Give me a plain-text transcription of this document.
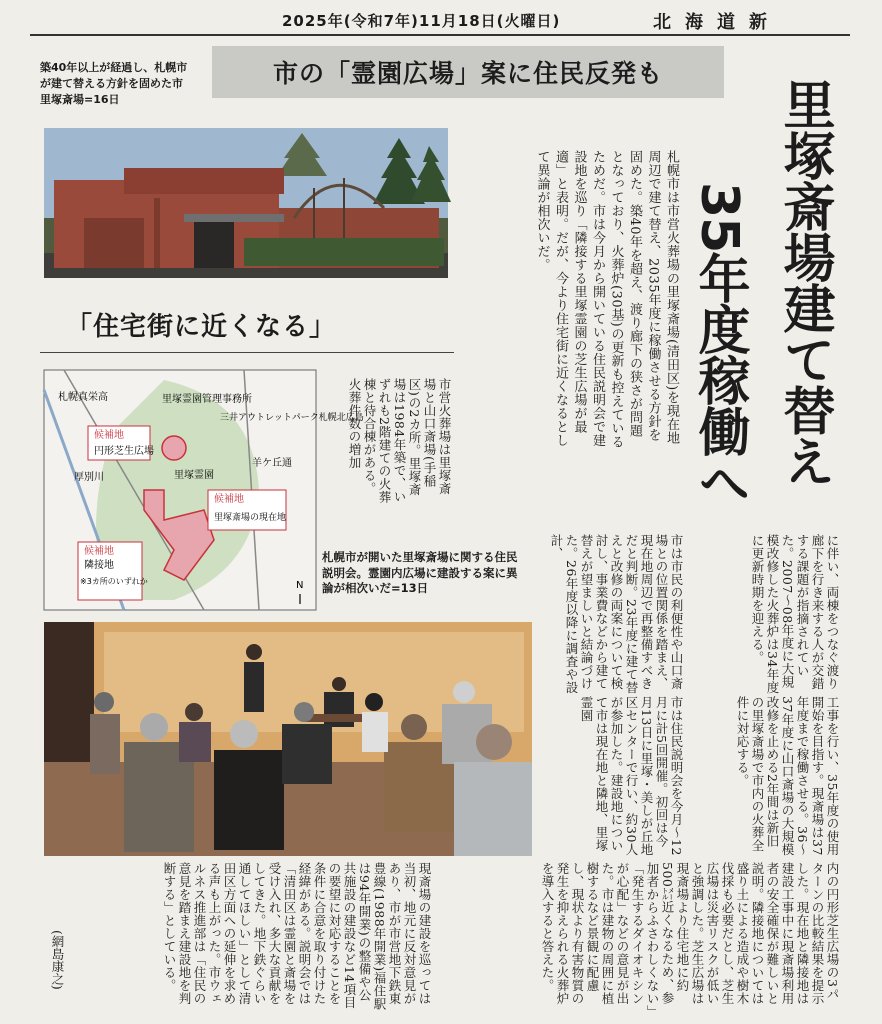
2025年(令和7年)11月18日(火曜日)	北海道新
市の「霊園広場」案に住民反発も
里塚斎場建て替え
35年度稼働へ
築40年以上が経過し、札幌市が建て替える方針を固めた市里塚斎場=16日
札幌市は市営火葬場の里塚斎場(清田区)を現在地周辺で建て替え、2035年度に稼働させる方針を固めた。築40年を超え、渡り廊下の狭さが問題となっており、火葬炉(30基)の更新も控えているためだ。市は今月から開いている住民説明会で建設地を巡り「隣接する里塚霊園の芝生広場が最適」と表明。だが、今より住宅街に近くなるとして異論が相次いだ。
「住宅街に近くなる」
札幌真栄高	里塚霊園管理事務所
三井アウトレットパーク札幌北広島
里塚霊園
厚別川
羊ケ丘通
候補地
円形芝生広場
候補地
里塚斎場の現在地
候補地
隣接地
※3カ所のいずれか	N
市営火葬場は里塚斎場と山口斎場(手稲区)の2カ所。里塚斎場は1984年築で、いずれも2階建ての火葬棟と待合棟がある。火葬件数の増加
札幌市が開いた里塚斎場に関する住民説明会。霊園内広場に建設する案に異論が相次いだ=13日	に伴い、両棟をつなぐ渡り廊下を行き来する人が交錯する課題が指摘されていた。2007〜08年度に大規模改修した火葬炉は34年度に更新時期を迎える。
市は市民の利便性や山口斎場との位置関係を踏まえ、現在地周辺で再整備すべきだと判断。23年度に建て替えと改修の両案について検討し、事業費などから建て替えが望ましいと結論づけた。26年度以降に調査や設計、
工事を行い、35年度の使用開始を目指す。現斎場は37年度まで稼働させる。36〜37年度に山口斎場の大規模改修を止める2年間は新旧の里塚斎場で市内の火葬全件に対応する。
市は住民説明会を今月〜12月に計5回開催。初回は今月13日に里塚・美しが丘地区センターで行い、約30人が参加した。建設地について市は現在地と隣地、里塚霊園
内の円形芝生広場の3パターンの比較結果を提示した。現在地と隣接地は建設工事中に現斎場利用者の安全確保が難しいと説明。隣接地については盛り土による造成や樹木伐採も必要だとし、芝生広場は災害リスクが低いと強調した。芝生広場は現斎場より住宅地に約500㍍近くなるため、参加者からふさわしくない」「発生するダイオキシンが心配」などの意見が出た。市は建物の周囲に植樹するなど景観に配慮し、現状より有害物質の発生を抑えられる火葬炉を導入すると答えた。
現斎場の建設を巡っては当初、地元に反対意見があり、市が市営地下鉄東豊線(1988年開業)福住駅は94年開業)の整備や公共施設の建設など14項目の要望に対応することを条件に合意を取り付けた経緯がある。説明会では「清田区は霊園と斎場を受け入れ、多大な貢献をしてきた。地下鉄ぐらい通してほしい」として清田区方面への延伸を求める声も上がった。市ウェルネス推進部は「住民の意見を踏まえ建設地を判断する」としている。
(網島康之)
